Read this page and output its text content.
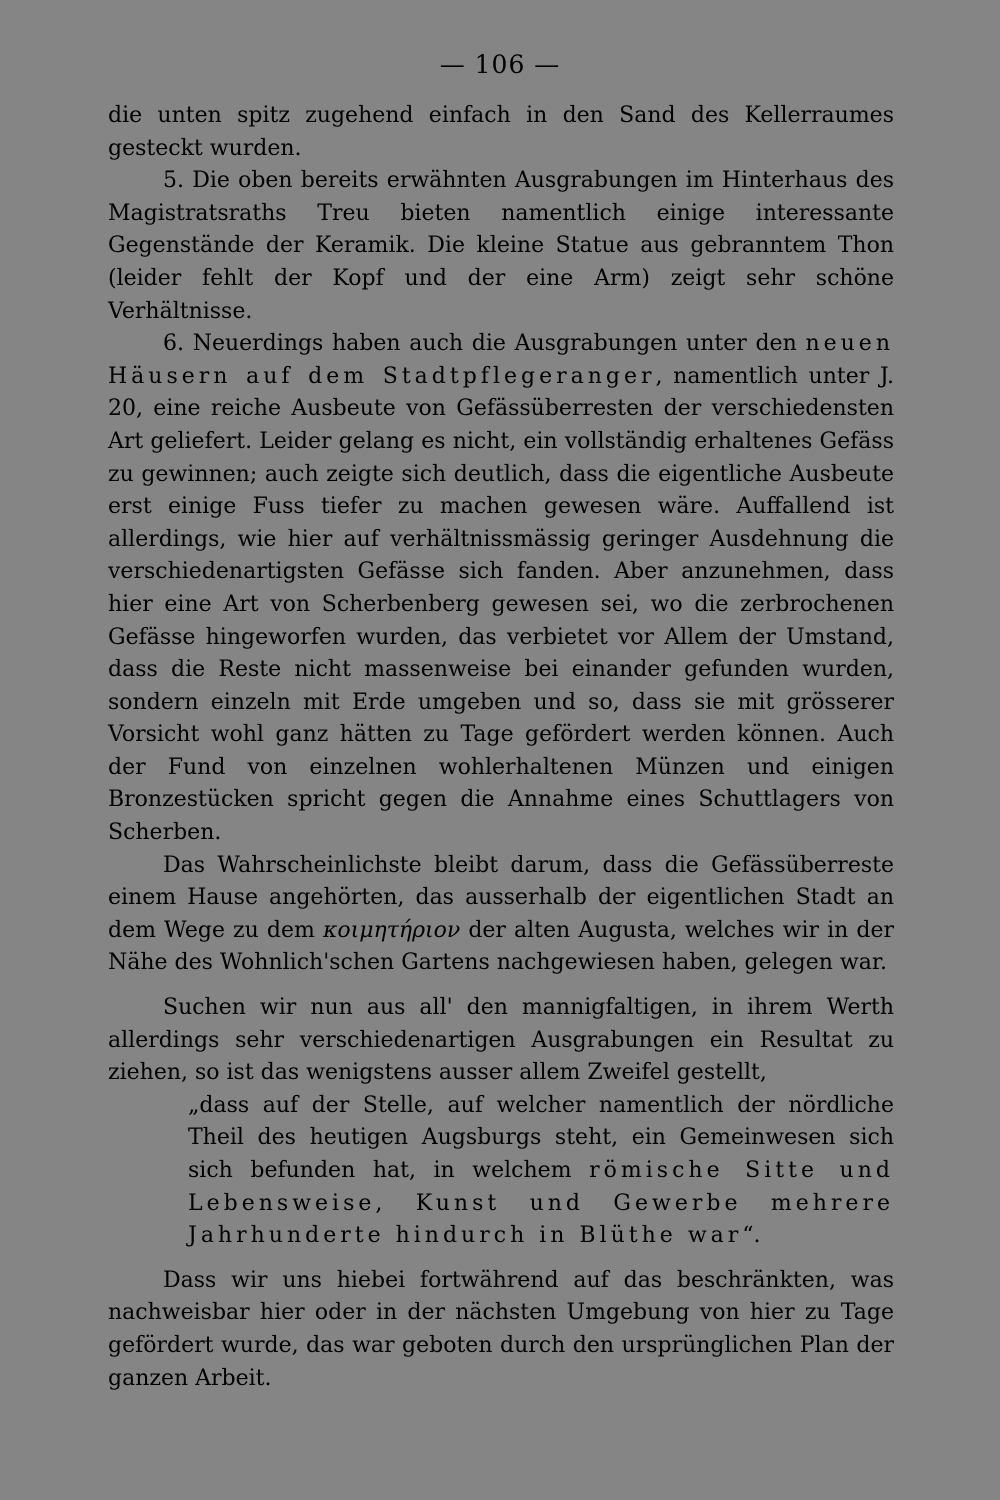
— 106 —

die unten spitz zugehend einfach in den Sand des Kellerraumes gesteckt wurden.

5. Die oben bereits erwähnten Ausgrabungen im Hinterhaus des Magistratsraths Treu bieten namentlich einige interessante Gegenstände der Keramik. Die kleine Statue aus gebranntem Thon (leider fehlt der Kopf und der eine Arm) zeigt sehr schöne Verhältnisse.

6. Neuerdings haben auch die Ausgrabungen unter den neuen Häusern auf dem Stadtpflegeranger, namentlich unter J. 20, eine reiche Ausbeute von Gefässüberresten der verschiedensten Art geliefert. Leider gelang es nicht, ein vollständig erhaltenes Gefäss zu gewinnen; auch zeigte sich deutlich, dass die eigentliche Ausbeute erst einige Fuss tiefer zu machen gewesen wäre. Auffallend ist allerdings, wie hier auf verhältnissmässig geringer Ausdehnung die verschiedenartigsten Gefässe sich fanden. Aber anzunehmen, dass hier eine Art von Scherbenberg gewesen sei, wo die zerbrochenen Gefässe hingeworfen wurden, das verbietet vor Allem der Umstand, dass die Reste nicht massenweise bei einander gefunden wurden, sondern einzeln mit Erde umgeben und so, dass sie mit grösserer Vorsicht wohl ganz hätten zu Tage gefördert werden können. Auch der Fund von einzelnen wohlerhaltenen Münzen und einigen Bronzestücken spricht gegen die Annahme eines Schuttlagers von Scherben.

Das Wahrscheinlichste bleibt darum, dass die Gefässüberreste einem Hause angehörten, das ausserhalb der eigentlichen Stadt an dem Wege zu dem κοιμητήριον der alten Augusta, welches wir in der Nähe des Wohnlich'schen Gartens nachgewiesen haben, gelegen war.

Suchen wir nun aus all' den mannigfaltigen, in ihrem Werth allerdings sehr verschiedenartigen Ausgrabungen ein Resultat zu ziehen, so ist das wenigstens ausser allem Zweifel gestellt,

„dass auf der Stelle, auf welcher namentlich der nördliche Theil des heutigen Augsburgs steht, ein Gemeinwesen sich sich befunden hat, in welchem römische Sitte und Lebensweise, Kunst und Gewerbe mehrere Jahrhunderte hindurch in Blüthe war“.

Dass wir uns hiebei fortwährend auf das beschränkten, was nachweisbar hier oder in der nächsten Umgebung von hier zu Tage gefördert wurde, das war geboten durch den ursprünglichen Plan der ganzen Arbeit.
